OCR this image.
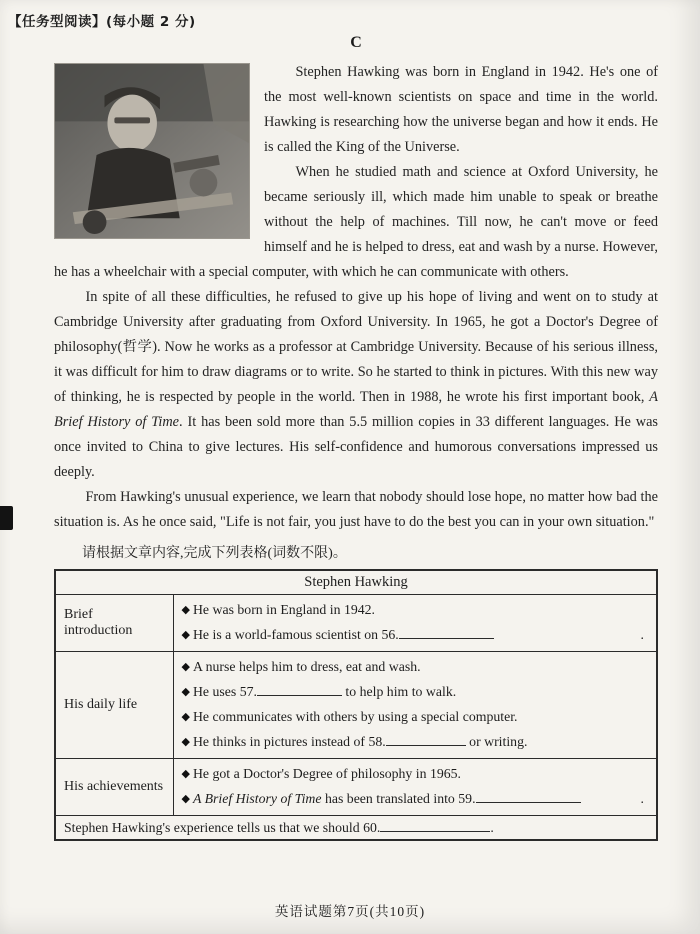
【任务型阅读】(每小题 2 分)
C

Stephen Hawking was born in England in 1942. He's one of the most well-known scientists on space and time in the world. Hawking is researching how the universe began and how it ends. He is called the King of the Universe.

When he studied math and science at Oxford University, he became seriously ill, which made him unable to speak or breathe without the help of machines. Till now, he can't move or feed himself and he is helped to dress, eat and wash by a nurse. However, he has a wheelchair with a special computer, with which he can communicate with others.

In spite of all these difficulties, he refused to give up his hope of living and went on to study at Cambridge University after graduating from Oxford University. In 1965, he got a Doctor's Degree of philosophy(哲学). Now he works as a professor at Cambridge University. Because of his serious illness, it was difficult for him to draw diagrams or to write. So he started to think in pictures. With this new way of thinking, he is respected by people in the world. Then in 1988, he wrote his first important book, A Brief History of Time. It has been sold more than 5.5 million copies in 33 different languages. He was once invited to China to give lectures. His self-confidence and humorous conversations impressed us deeply.

From Hawking's unusual experience, we learn that nobody should lose hope, no matter how bad the situation is. As he once said, "Life is not fair, you just have to do the best you can in your own situation."

请根据文章内容,完成下列表格(词数不限)。

Stephen Hawking	
Brief introduction	◆ He was born in England in 1942.
◆ He is a world-famous scientist on 56. .

His daily life	◆ A nurse helps him to dress, eat and wash.
◆ He uses 57. to help him to walk.
◆ He communicates with others by using a special computer.
◆ He thinks in pictures instead of 58. or writing.

His achievements	◆ He got a Doctor's Degree of philosophy in 1965.
◆ A Brief History of Time has been translated into 59. .

Stephen Hawking's experience tells us that we should 60. .	
英语试题第7页(共10页)
